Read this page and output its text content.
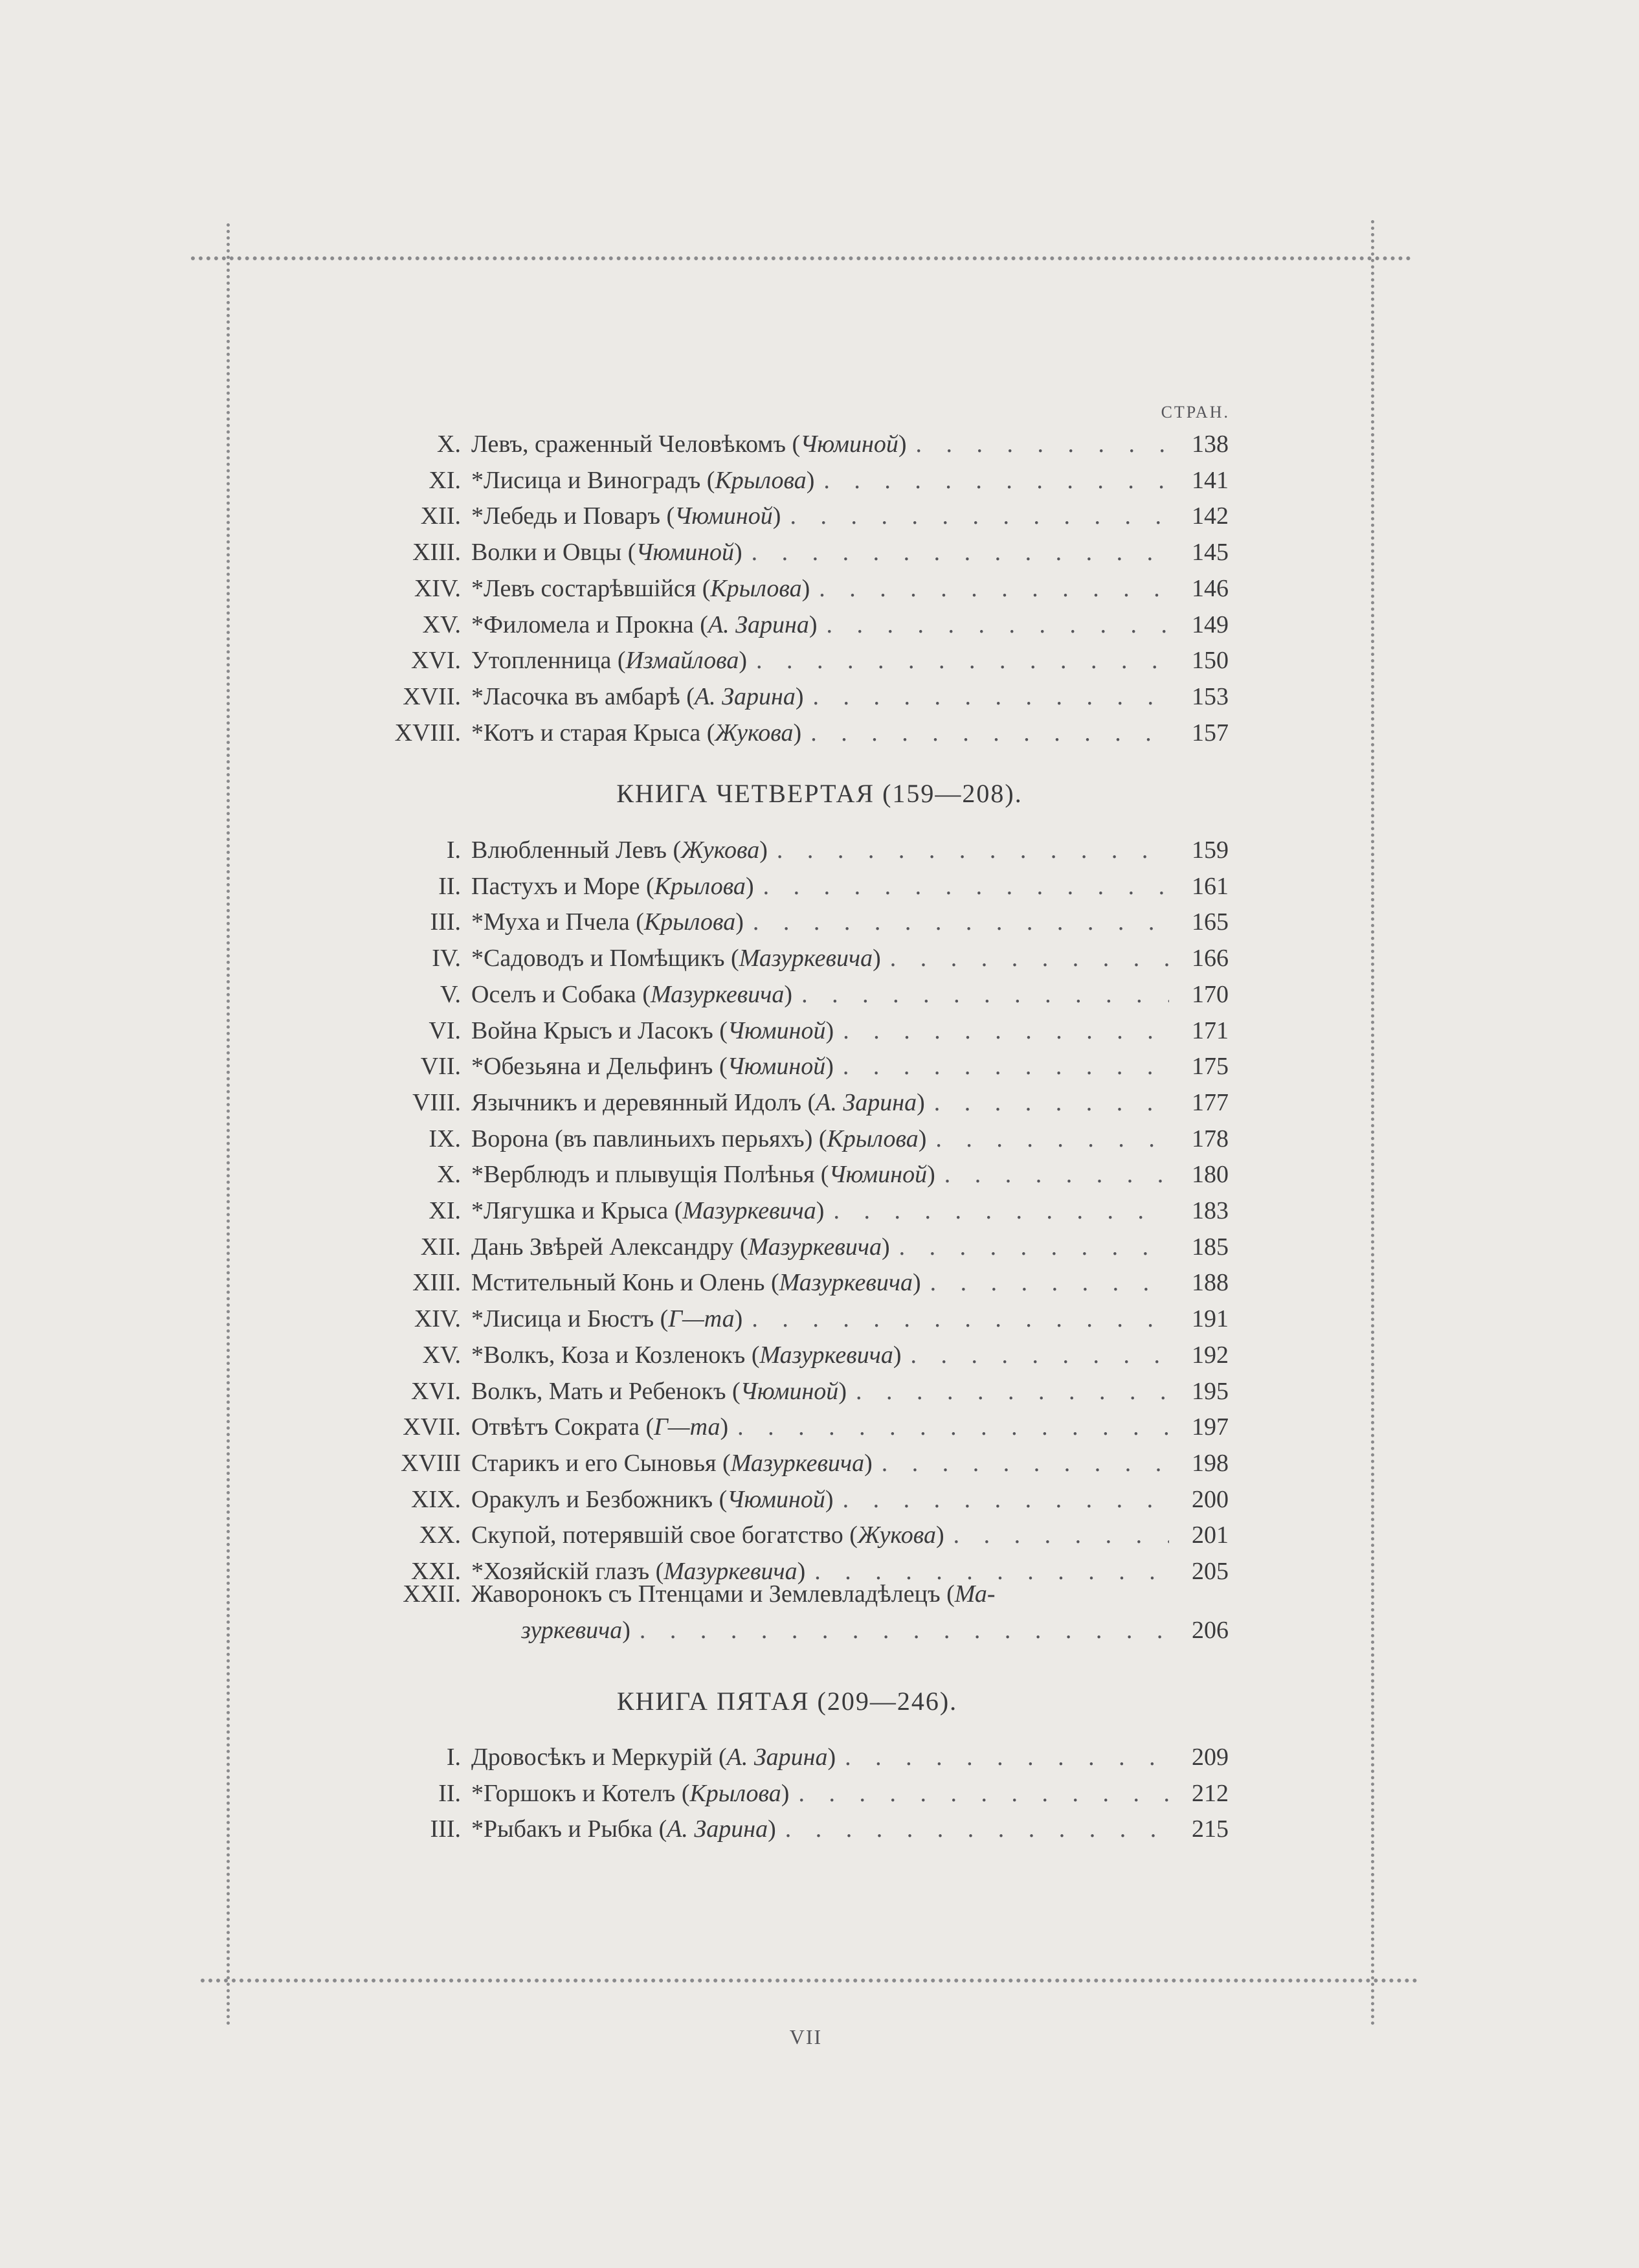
СТРАН.
X. Левъ, сраженный Человѣкомъ ( Чюминой ) . . .	138
XI. *Лисица и Виноградъ ( Крылова ) . . .	141
XII. *Лебедь и Поваръ ( Чюминой ) . . .	142
XIII. Волки и Овцы ( Чюминой ) . . .	145
XIV. *Левъ состарѣвшійся ( Крылова ) . . .	146
XV. *Филомела и Прокна ( А. Зарина ) . . .	149
XVI. Утопленница ( Измайлова ) . . .	150
XVII. *Ласочка въ амбарѣ ( А. Зарина ) . . .	153
XVIII. *Котъ и старая Крыса ( Жукова ) . . .	157
КНИГА ЧЕТВЕРТАЯ (159—208).
I. Влюбленный Левъ ( Жукова ) . . .	159
II. Пастухъ и Море ( Крылова ) . . .	161
III. *Муха и Пчела ( Крылова ) . . .	165
IV. *Садоводъ и Помѣщикъ ( Мазуркевича ) . . .	166
V. Оселъ и Собака ( Мазуркевича ) . . .	170
VI. Война Крысъ и Ласокъ ( Чюминой ) . . .	171
VII. *Обезьяна и Дельфинъ ( Чюминой ) . . .	175
VIII. Язычникъ и деревянный Идолъ ( А. Зарина ) . . .	177
IX. Ворона (въ павлиньихъ перьяхъ) ( Крылова ) . . .	178
X. *Верблюдъ и плывущія Полѣнья ( Чюминой ) . . .	180
XI. *Лягушка и Крыса ( Мазуркевича ) . . .	183
XII. Дань Звѣрей Александру ( Мазуркевича ) . . .	185
XIII. Мстительный Конь и Олень ( Мазуркевича ) . . .	188
XIV. *Лисица и Бюстъ ( Г—та ) . . .	191
XV. *Волкъ, Коза и Козленокъ ( Мазуркевича ) . . .	192
XVI. Волкъ, Мать и Ребенокъ ( Чюминой ) . . .	195
XVII. Отвѣтъ Сократа ( Г—та ) . . .	197
XVIII Старикъ и его Сыновья ( Мазуркевича ) . . .	198
XIX. Оракулъ и Безбожникъ ( Чюминой ) . . .	200
XX. Скупой, потерявшій свое богатство ( Жукова ) . . .	201
XXI. *Хозяйскій глазъ ( Мазуркевича ) . . .	205
XXII. Жаворонокъ съ Птенцами и Землевладѣлецъ ( Ма-
зуркевича ) . . .	206
КНИГА ПЯТАЯ (209—246).
I. Дровосѣкъ и Меркурій ( А. Зарина ) . . .	209
II. *Горшокъ и Котелъ ( Крылова ) . . .	212
III. *Рыбакъ и Рыбка ( А. Зарина ) . . .	215
VII
